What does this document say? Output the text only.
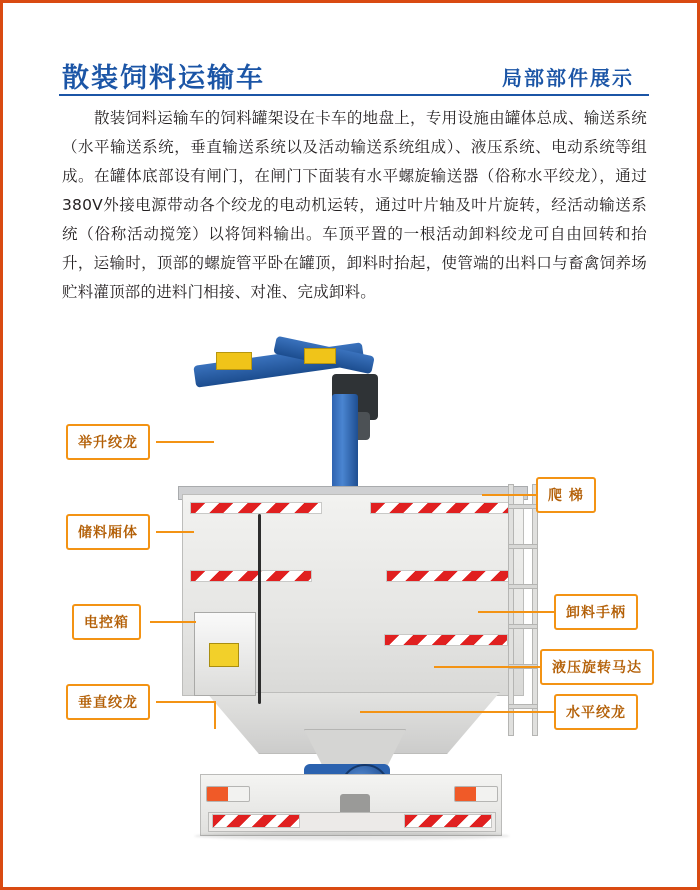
散装饲料运输车	局部部件展示
散装饲料运输车的饲料罐架设在卡车的地盘上，专用设施由罐体总成、输送系统（水平输送系统，垂直输送系统以及活动输送系统组成）、液压系统、电动系统等组成。在罐体底部设有闸门，在闸门下面装有水平螺旋输送器（俗称水平绞龙），通过380V外接电源带动各个绞龙的电动机运转，通过叶片轴及叶片旋转，经活动输送系统（俗称活动搅笼）以将饲料输出。车顶平置的一根活动卸料绞龙可自由回转和抬升，运输时，顶部的螺旋管平卧在罐顶，卸料时抬起，使管端的出料口与畜禽饲养场贮料灌顶部的进料门相接、对准、完成卸料。
举升绞龙
储料厢体
电控箱
垂直绞龙
爬 梯
卸料手柄
液压旋转马达
水平绞龙
